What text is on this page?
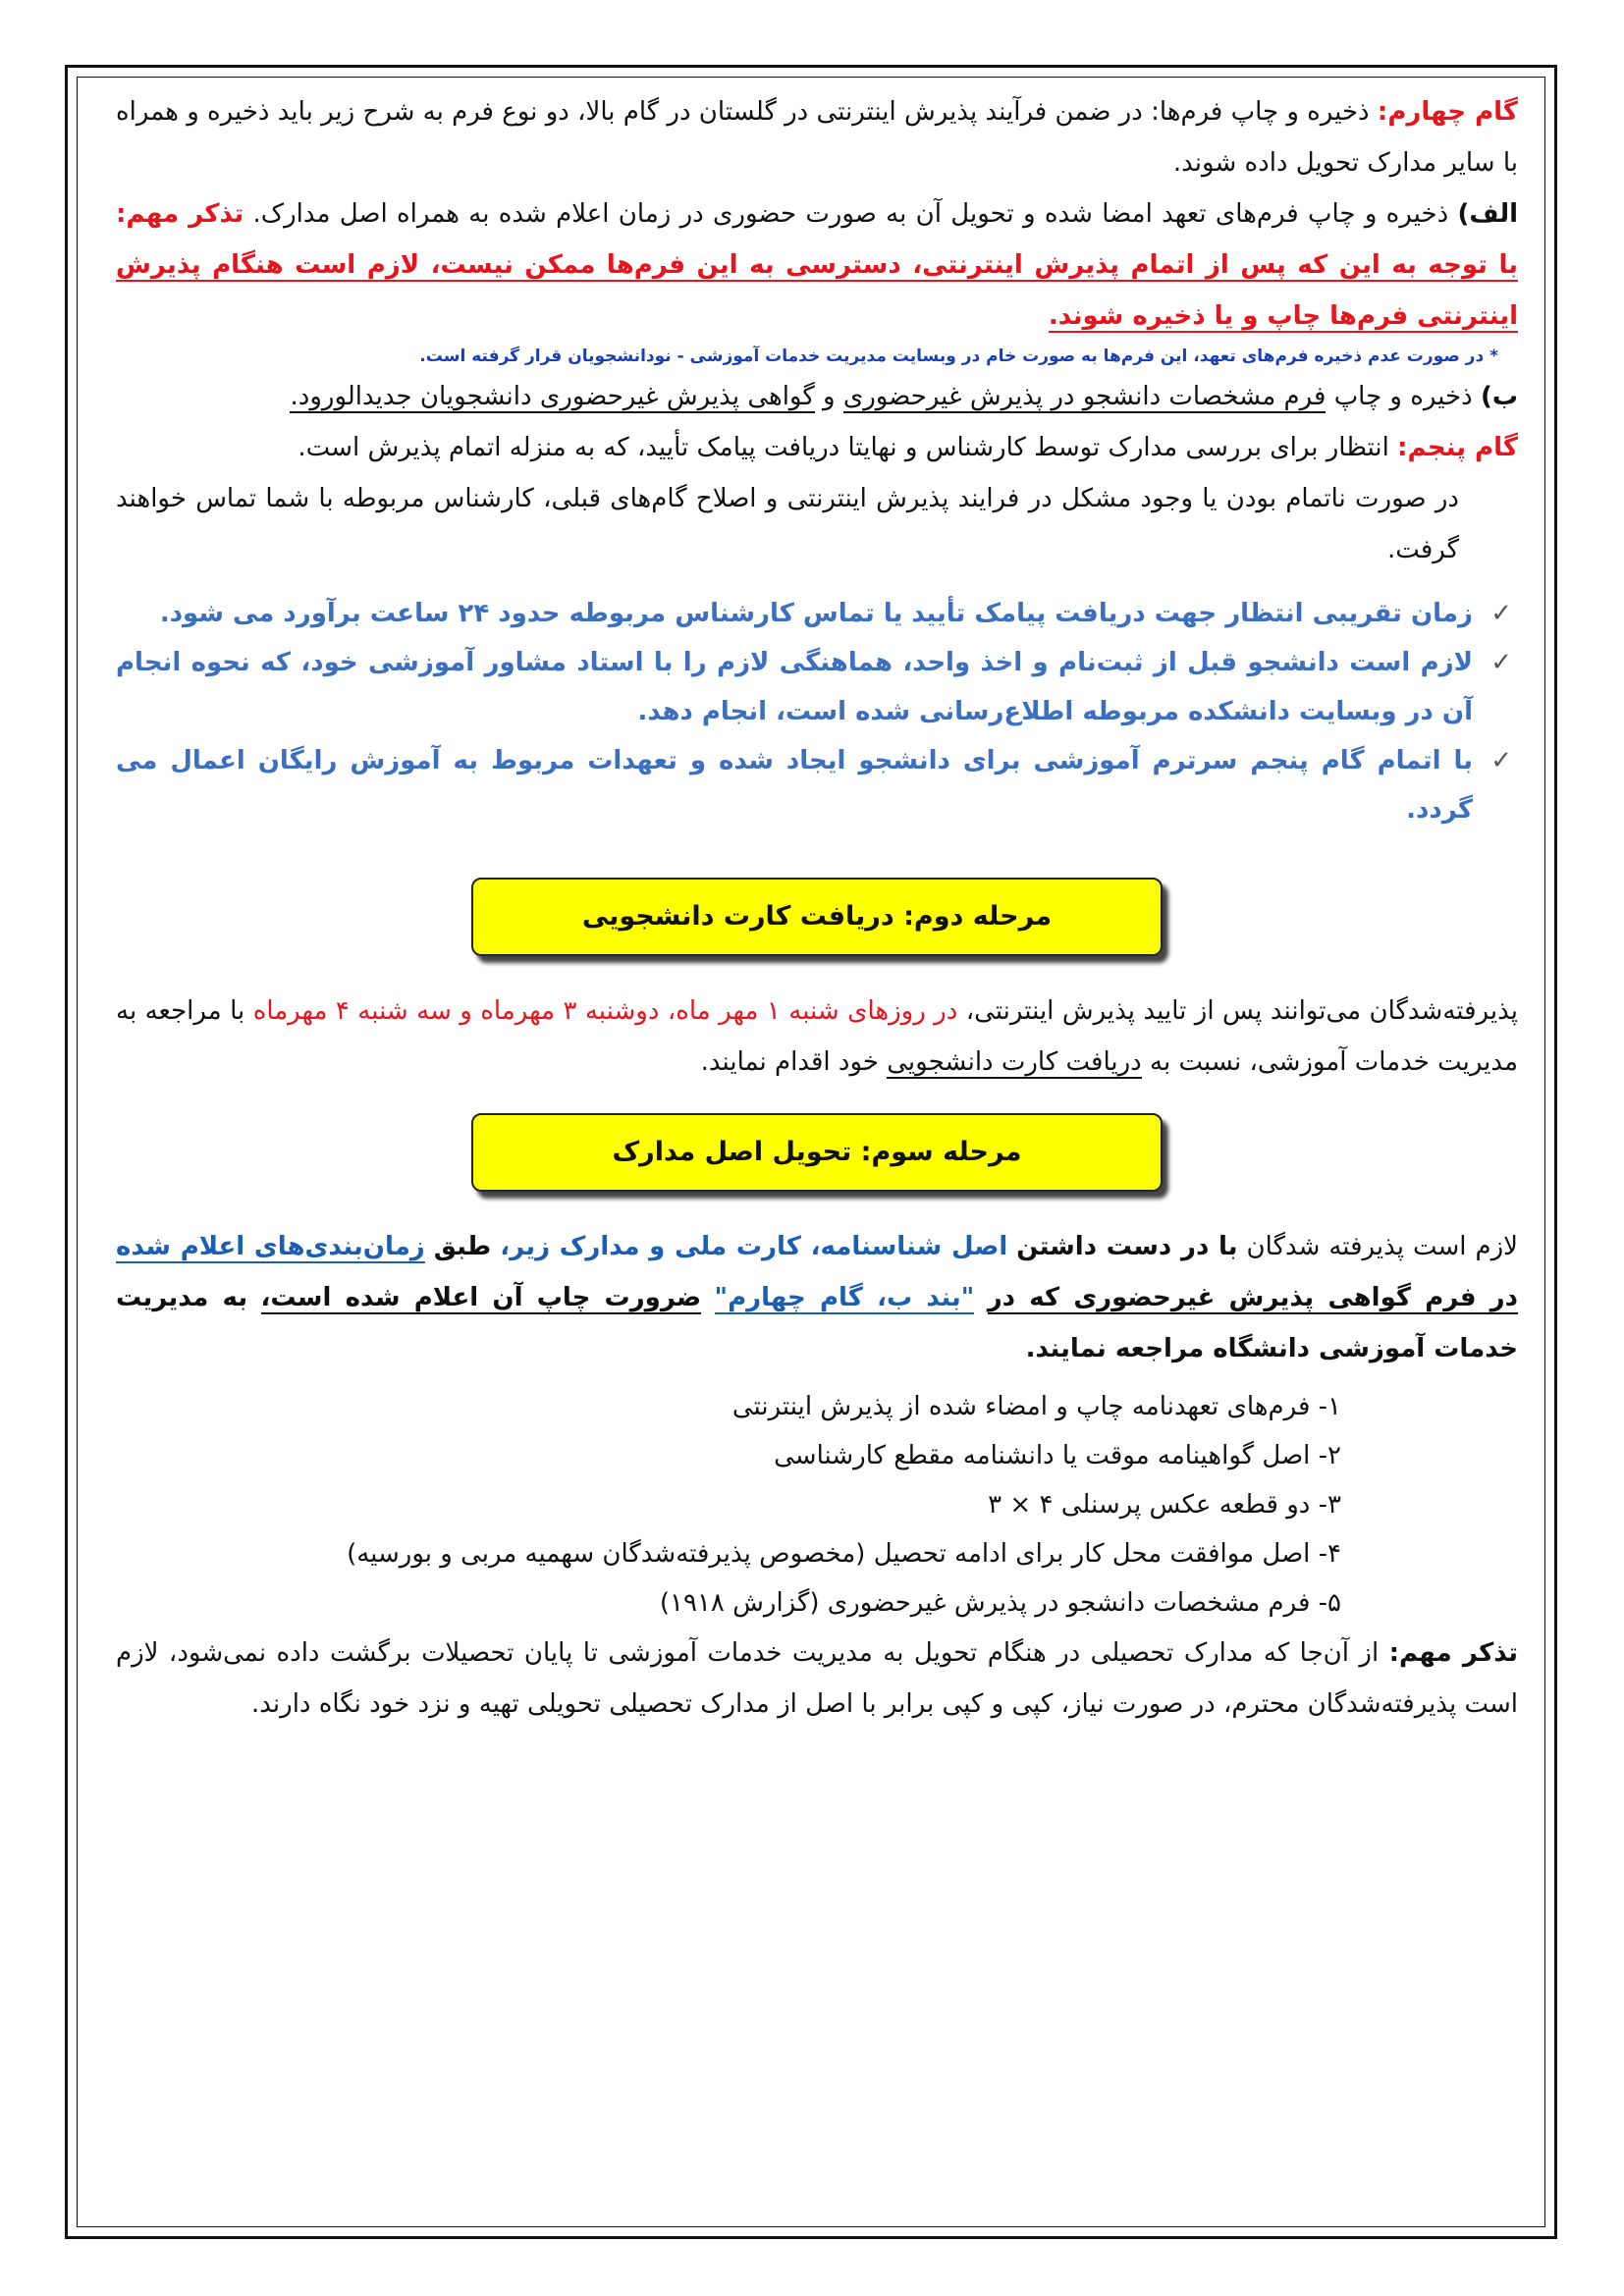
گام چهارم: ذخیره و چاپ فرم‌ها: در ضمن فرآیند پذیرش اینترنتی در گلستان در گام بالا، دو نوع فرم به شرح زیر باید ذخیره و همراه با سایر مدارک تحویل داده شوند.

الف) ذخیره و چاپ فرم‌های تعهد امضا شده و تحویل آن به صورت حضوری در زمان اعلام شده به همراه اصل مدارک. تذکر مهم: با توجه به این که پس از اتمام پذیرش اینترنتی، دسترسی به این فرم‌ها ممکن نیست، لازم است هنگام پذیرش اینترنتی فرم‌ها چاپ و یا ذخیره شوند.

* در صورت عدم ذخیره فرم‌های تعهد، این فرم‌ها به صورت خام در وبسایت مدیریت خدمات آموزشی - نودانشجویان قرار گرفته است.

ب) ذخیره و چاپ فرم مشخصات دانشجو در پذیرش غیرحضوری و گواهی پذیرش غیرحضوری دانشجویان جدیدالورود.

گام پنجم: انتظار برای بررسی مدارک توسط کارشناس و نهایتا دریافت پیامک تأیید، که به منزله اتمام پذیرش است.

در صورت ناتمام بودن یا وجود مشکل در فرایند پذیرش اینترنتی و اصلاح گام‌های قبلی، کارشناس مربوطه با شما تماس خواهند گرفت.

✓
زمان تقریبی انتظار جهت دریافت پیامک تأیید یا تماس کارشناس مربوطه حدود ۲۴ ساعت برآورد می شود.
✓
لازم است دانشجو قبل از ثبت‌نام و اخذ واحد، هماهنگی لازم را با استاد مشاور آموزشی خود، که نحوه انجام آن در وبسایت دانشکده مربوطه اطلاع‌رسانی شده است، انجام دهد.
✓
با اتمام گام پنجم سرترم آموزشی برای دانشجو ایجاد شده و تعهدات مربوط به آموزش رایگان اعمال می گردد.
مرحله دوم: دریافت کارت دانشجویی

پذیرفته‌شدگان می‌توانند پس از تایید پذیرش اینترنتی، در روزهای شنبه ۱ مهر ماه، دوشنبه ۳ مهرماه و سه شنبه ۴ مهرماه با مراجعه به مدیریت خدمات آموزشی، نسبت به دریافت کارت دانشجویی خود اقدام نمایند.

مرحله سوم: تحویل اصل مدارک

لازم است پذیرفته شدگان با در دست داشتن اصل شناسنامه، کارت ملی و مدارک زیر، طبق زمان‌بندی‌های اعلام شده در فرم گواهی پذیرش غیرحضوری که در "بند ب، گام چهارم" ضرورت چاپ آن اعلام شده است، به مدیریت خدمات آموزشی دانشگاه مراجعه نمایند.

۱- فرم‌های تعهدنامه چاپ و امضاء شده از پذیرش اینترنتی
۲- اصل گواهینامه موقت یا دانشنامه مقطع کارشناسی
۳- دو قطعه عکس پرسنلی ۴ × ۳
۴- اصل موافقت محل کار برای ادامه تحصیل (مخصوص پذیرفته‌شدگان سهمیه مربی و بورسیه)
۵- فرم مشخصات دانشجو در پذیرش غیرحضوری (گزارش ۱۹۱۸)

تذکر مهم: از آن‌جا که مدارک تحصیلی در هنگام تحویل به مدیریت خدمات آموزشی تا پایان تحصیلات برگشت داده نمی‌شود، لازم است پذیرفته‌شدگان محترم، در صورت نیاز، کپی و کپی برابر با اصل از مدارک تحصیلی تحویلی تهیه و نزد خود نگاه دارند.
